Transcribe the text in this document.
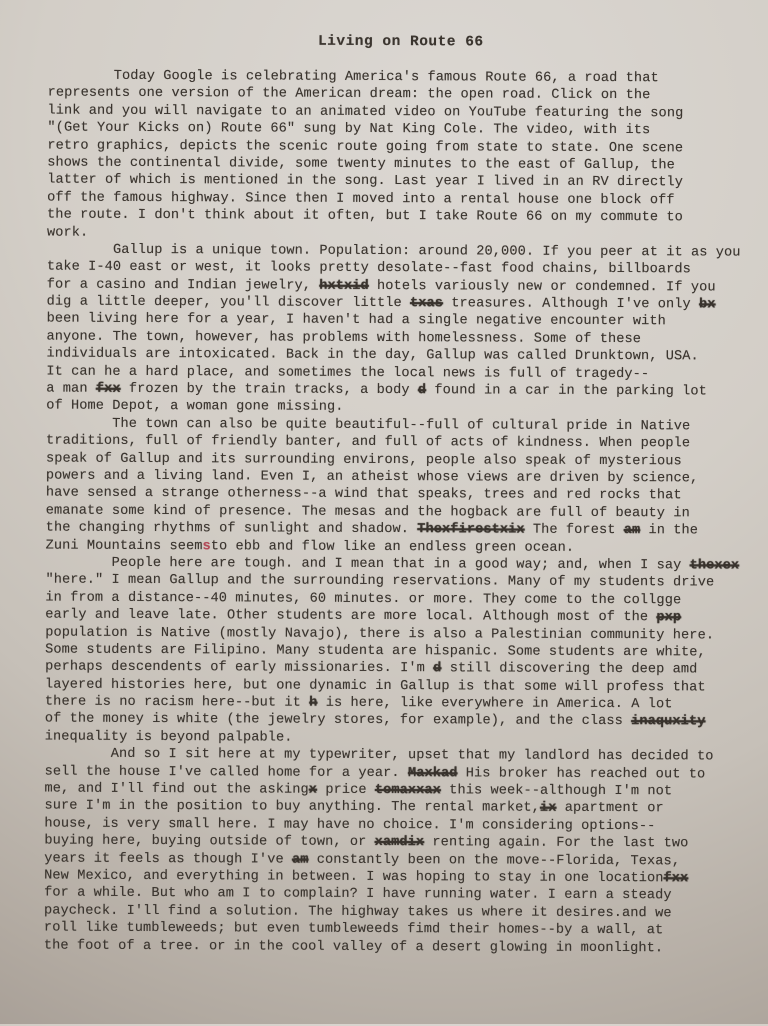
Living on Route 66
Today Google is celebrating America's famous Route 66, a road that
represents one version of the American dream: the open road. Click on the
link and you will navigate to an animated video on YouTube featuring the song
"(Get Your Kicks on) Route 66" sung by Nat King Cole. The video, with its
retro graphics, depicts the scenic route going from state to state. One scene
shows the continental divide, some twenty minutes to the east of Gallup, the
latter of which is mentioned in the song. Last year I lived in an RV directly
off the famous highway. Since then I moved into a rental house one block off
the route. I don't think about it often, but I take Route 66 on my commute to
work.
Gallup is a unique town. Population: around 20,000. If you peer at it as you
take I-40 east or west, it looks pretty desolate--fast food chains, billboards
for a casino and Indian jewelry, hxtxid hotels variously new or condemned. If you
dig a little deeper, you'll discover little txas treasures. Although I've only bx
been living here for a year, I haven't had a single negative encounter with
anyone. The town, however, has problems with homelessness. Some of these
individuals are intoxicated. Back in the day, Gallup was called Drunktown, USA.
It can he a hard place, and sometimes the local news is full of tragedy--
a man fxx frozen by the train tracks, a body d found in a car in the parking lot
of Home Depot, a woman gone missing.
The town can also be quite beautiful--full of cultural pride in Native
traditions, full of friendly banter, and full of acts of kindness. When people
speak of Gallup and its surrounding environs, people also speak of mysterious
powers and a living land. Even I, an atheist whose views are driven by science,
have sensed a strange otherness--a wind that speaks, trees and red rocks that
emanate some kind of presence. The mesas and the hogback are full of beauty in
the changing rhythms of sunlight and shadow. Thexfirestxix The forest am in the
Zuni Mountains seemsto ebb and flow like an endless green ocean.
People here are tough. and I mean that in a good way; and, when I say thexex
"here." I mean Gallup and the surrounding reservations. Many of my students drive
in from a distance--40 minutes, 60 minutes. or more. They come to the collgge
early and leave late. Other students are more local. Although most of the pxp
population is Native (mostly Navajo), there is also a Palestinian community here.
Some students are Filipino. Many studenta are hispanic. Some students are white,
perhaps descendents of early missionaries. I'm d still discovering the deep amd
layered histories here, but one dynamic in Gallup is that some will profess that
there is no racism here--but it h is here, like everywhere in America. A lot
of the money is white (the jewelry stores, for example), and the class inaquxity
inequality is beyond palpable.
And so I sit here at my typewriter, upset that my landlord has decided to
sell the house I've called home for a year. Maxkad His broker has reached out to
me, and I'll find out the askingx price tomaxxax this week--although I'm not
sure I'm in the position to buy anything. The rental market,ix apartment or
house, is very small here. I may have no choice. I'm considering options--
buying here, buying outside of town, or xamdix renting again. For the last two
years it feels as though I've am constantly been on the move--Florida, Texas,
New Mexico, and everything in between. I was hoping to stay in one locationfxx
for a while. But who am I to complain? I have running water. I earn a steady
paycheck. I'll find a solution. The highway takes us where it desires.and we
roll like tumbleweeds; but even tumbleweeds fimd their homes--by a wall, at
the foot of a tree. or in the cool valley of a desert glowing in moonlight.
